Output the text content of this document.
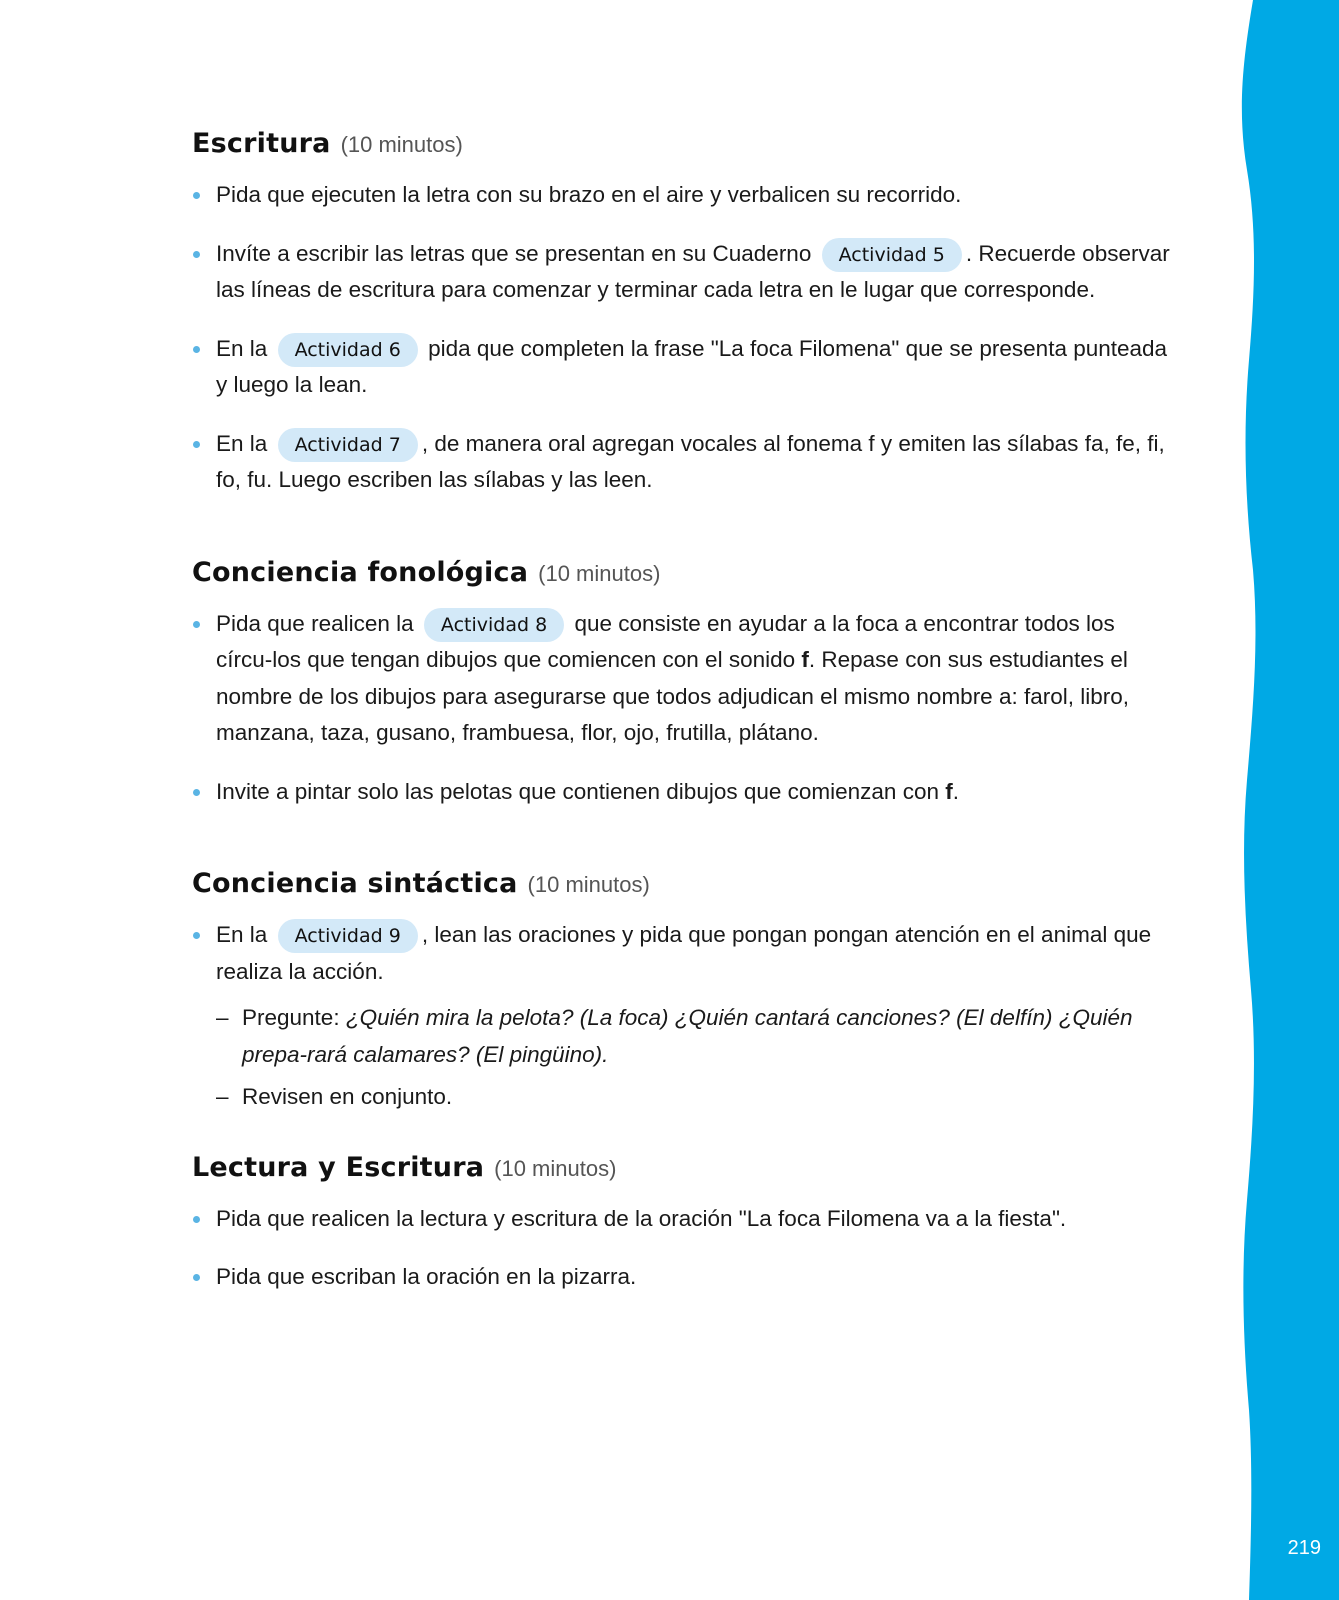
219
Escritura (10 minutos)
Pida que ejecuten la letra con su brazo en el aire y verbalicen su recorrido.
Invíte a escribir las letras que se presentan en su Cuaderno Actividad 5 . Recuerde observar las líneas de escritura para comenzar y terminar cada letra en le lugar que corresponde.
En la Actividad 6 pida que completen la frase "La foca Filomena" que se presenta punteada y luego la lean.
En la Actividad 7 , de manera oral agregan vocales al fonema f y emiten las sílabas fa, fe, fi, fo, fu. Luego escriben las sílabas y las leen.
Conciencia fonológica (10 minutos)
Pida que realicen la Actividad 8 que consiste en ayudar a la foca a encontrar todos los círcu-los que tengan dibujos que comiencen con el sonido f. Repase con sus estudiantes el nombre de los dibujos para asegurarse que todos adjudican el mismo nombre a: farol, libro, manzana, taza, gusano, frambuesa, flor, ojo, frutilla, plátano.
Invite a pintar solo las pelotas que contienen dibujos que comienzan con f.
Conciencia sintáctica (10 minutos)
En la Actividad 9 , lean las oraciones y pida que pongan pongan atención en el animal que realiza la acción.
– Pregunte: ¿Quién mira la pelota? (La foca) ¿Quién cantará canciones? (El delfín) ¿Quién prepa-rará calamares? (El pingüino).
– Revisen en conjunto.
Lectura y Escritura (10 minutos)
Pida que realicen la lectura y escritura de la oración "La foca Filomena va a la fiesta".
Pida que escriban la oración en la pizarra.
